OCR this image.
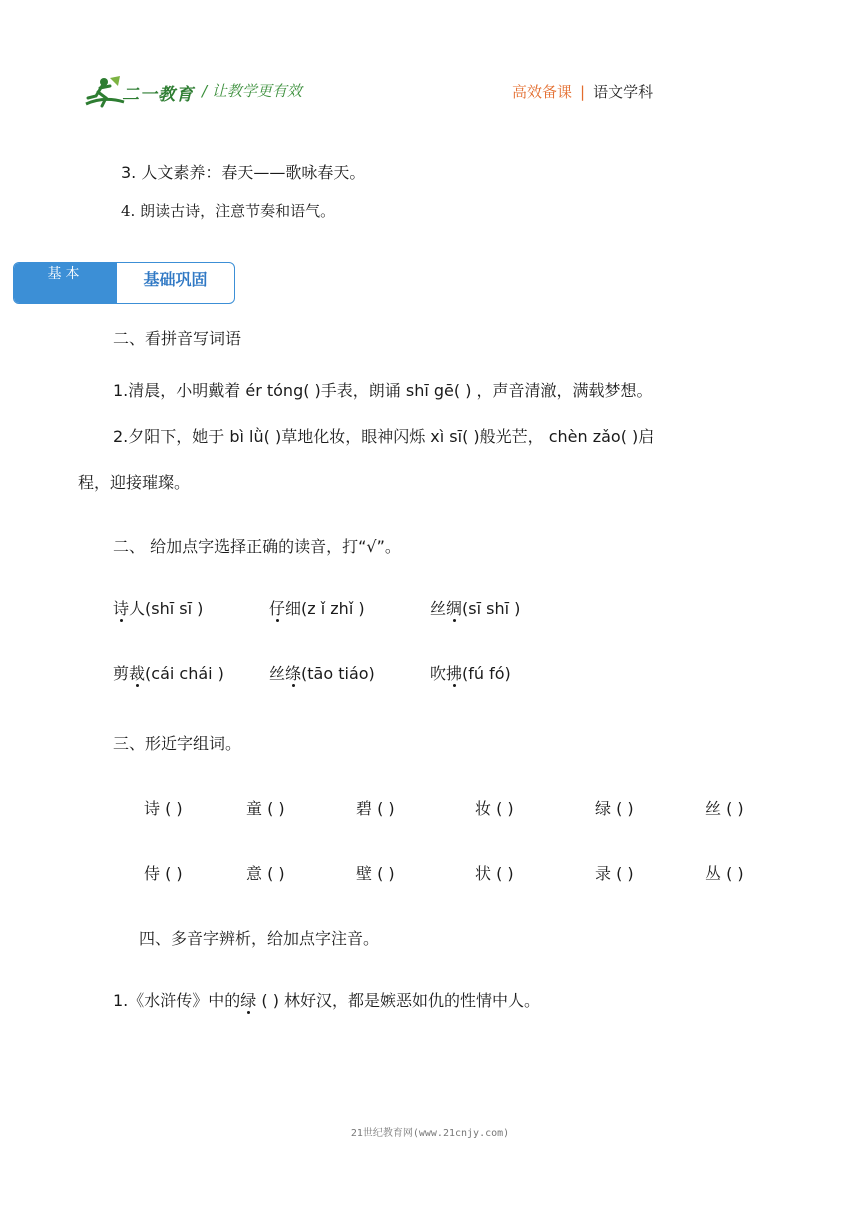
二一教育 / 让教学更有效	高效备课 | 语文学科
3. 人文素养：春天——歌咏春天。
4. 朗读古诗，注意节奏和语气。
基本	基础巩固
二、看拼音写词语
1.清晨，小明戴着 ér tóng( )手表，朗诵 shī gē( ) ，声音清澈，满载梦想。
2.夕阳下，她于 bì lǜ( )草地化妆，眼神闪烁 xì sī( )般光芒， chèn zǎo( )启
程，迎接璀璨。
二、 给加点字选择正确的读音，打“√”。
诗人(shī sī )	仔细(z ǐ zhǐ )	丝绸(sī shī )
剪裁(cái chái )	丝绦(tāo tiáo)	吹拂(fú fó)
三、形近字组词。
诗 ( )	童 ( )	碧 ( )	妆 ( )	绿 ( )	丝 ( )
侍 ( )	意 ( )	壁 ( )	状 ( )	录 ( )	丛 ( )
四、多音字辨析，给加点字注音。
1.《水浒传》中的绿 ( ) 林好汉，都是嫉恶如仇的性情中人。
21世纪教育网(www.21cnjy.com)
